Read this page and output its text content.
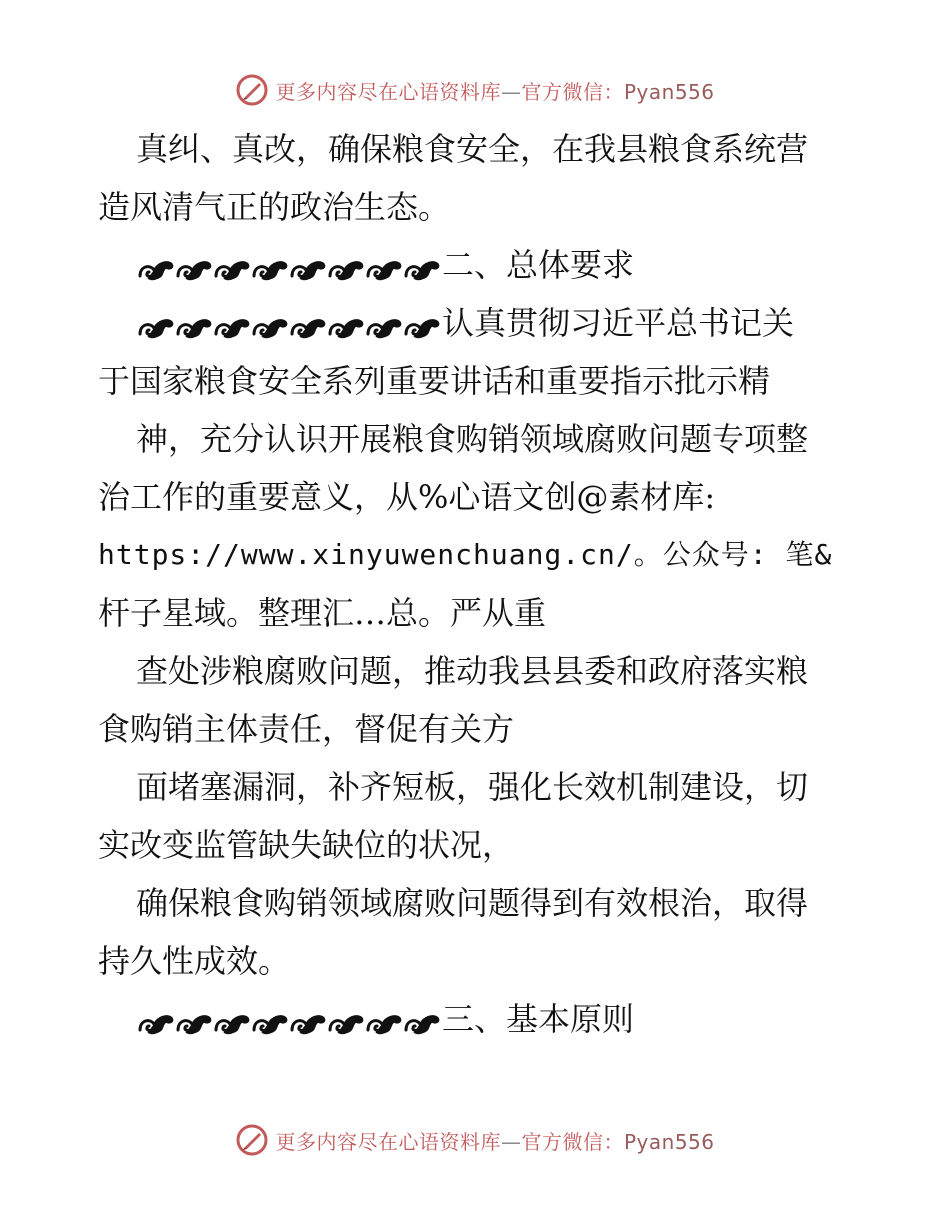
更多内容尽在心语资料库—官方微信：Pyan556
真纠、真改，确保粮食安全，在我县粮食系统营
造风清气正的政治生态。
二、总体要求
认真贯彻习近平总书记关
于国家粮食安全系列重要讲话和重要指示批示精
神，充分认识开展粮食购销领域腐败问题专项整
治工作的重要意义，从%心语文创@素材库:
https://www.xinyuwenchuang.cn/。公众号: 笔&
杆子星域。整理汇…总。严从重
查处涉粮腐败问题，推动我县县委和政府落实粮
食购销主体责任，督促有关方
面堵塞漏洞，补齐短板，强化长效机制建设，切
实改变监管缺失缺位的状况，
确保粮食购销领域腐败问题得到有效根治，取得
持久性成效。
三、基本原则
更多内容尽在心语资料库—官方微信：Pyan556
